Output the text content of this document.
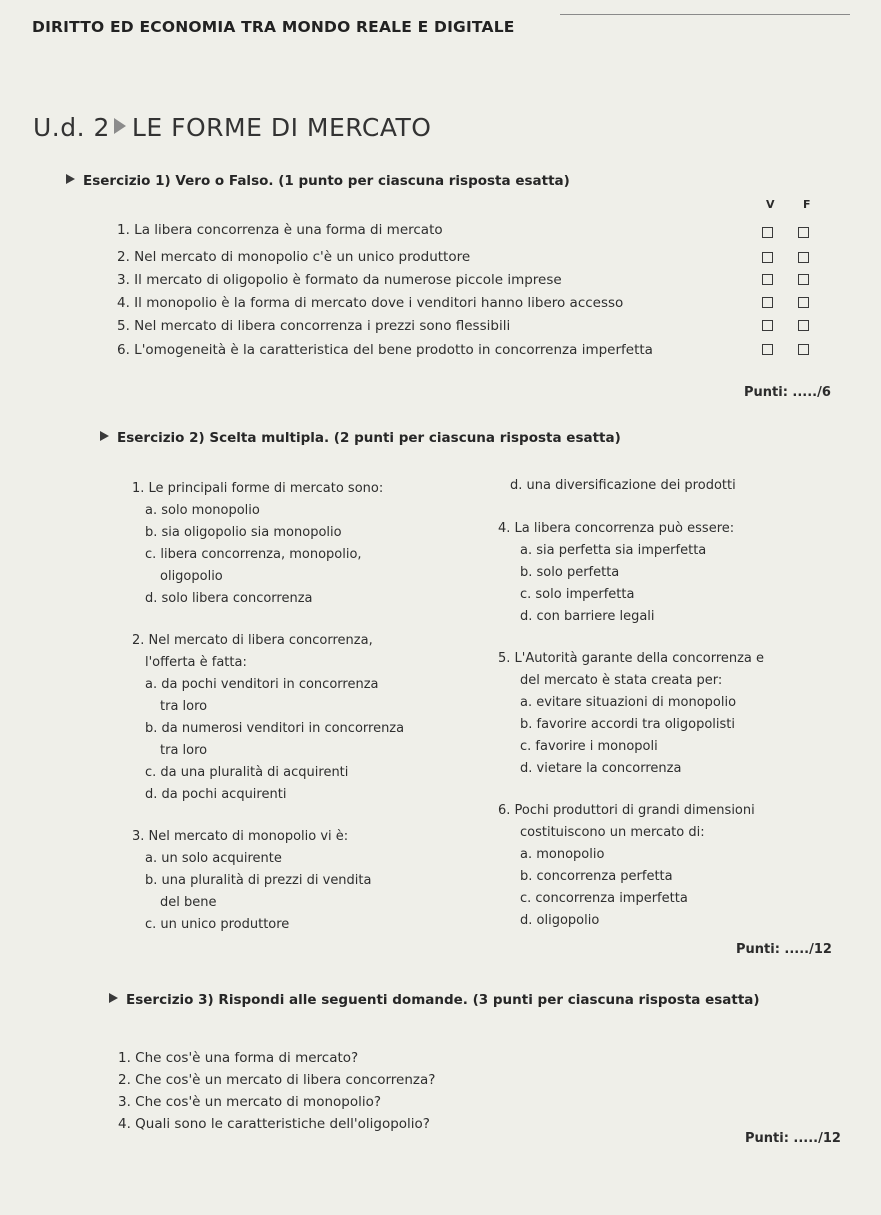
DIRITTO ED ECONOMIA TRA MONDO REALE E DIGITALE
U.d. 2 LE FORME DI MERCATO
Esercizio 1) Vero o Falso. (1 punto per ciascuna risposta esatta)
V	F
1. La libera concorrenza è una forma di mercato
2. Nel mercato di monopolio c'è un unico produttore
3. Il mercato di oligopolio è formato da numerose piccole imprese
4. Il monopolio è la forma di mercato dove i venditori hanno libero accesso
5. Nel mercato di libera concorrenza i prezzi sono flessibili
6. L'omogeneità è la caratteristica del bene prodotto in concorrenza imperfetta
Punti: ...../6
Esercizio 2) Scelta multipla. (2 punti per ciascuna risposta esatta)
1. Le principali forme di mercato sono:
a. solo monopolio
b. sia oligopolio sia monopolio
c. libera concorrenza, monopolio,
oligopolio
d. solo libera concorrenza
2. Nel mercato di libera concorrenza,
l'offerta è fatta:
a. da pochi venditori in concorrenza
tra loro
b. da numerosi venditori in concorrenza
tra loro
c. da una pluralità di acquirenti
d. da pochi acquirenti
3. Nel mercato di monopolio vi è:
a. un solo acquirente
b. una pluralità di prezzi di vendita
del bene
c. un unico produttore
d. una diversificazione dei prodotti
4. La libera concorrenza può essere:
a. sia perfetta sia imperfetta
b. solo perfetta
c. solo imperfetta
d. con barriere legali
5. L'Autorità garante della concorrenza e
del mercato è stata creata per:
a. evitare situazioni di monopolio
b. favorire accordi tra oligopolisti
c. favorire i monopoli
d. vietare la concorrenza
6. Pochi produttori di grandi dimensioni
costituiscono un mercato di:
a. monopolio
b. concorrenza perfetta
c. concorrenza imperfetta
d. oligopolio
Punti: ...../12
Esercizio 3) Rispondi alle seguenti domande. (3 punti per ciascuna risposta esatta)
1. Che cos'è una forma di mercato?
2. Che cos'è un mercato di libera concorrenza?
3. Che cos'è un mercato di monopolio?
4. Quali sono le caratteristiche dell'oligopolio?
Punti: ...../12
